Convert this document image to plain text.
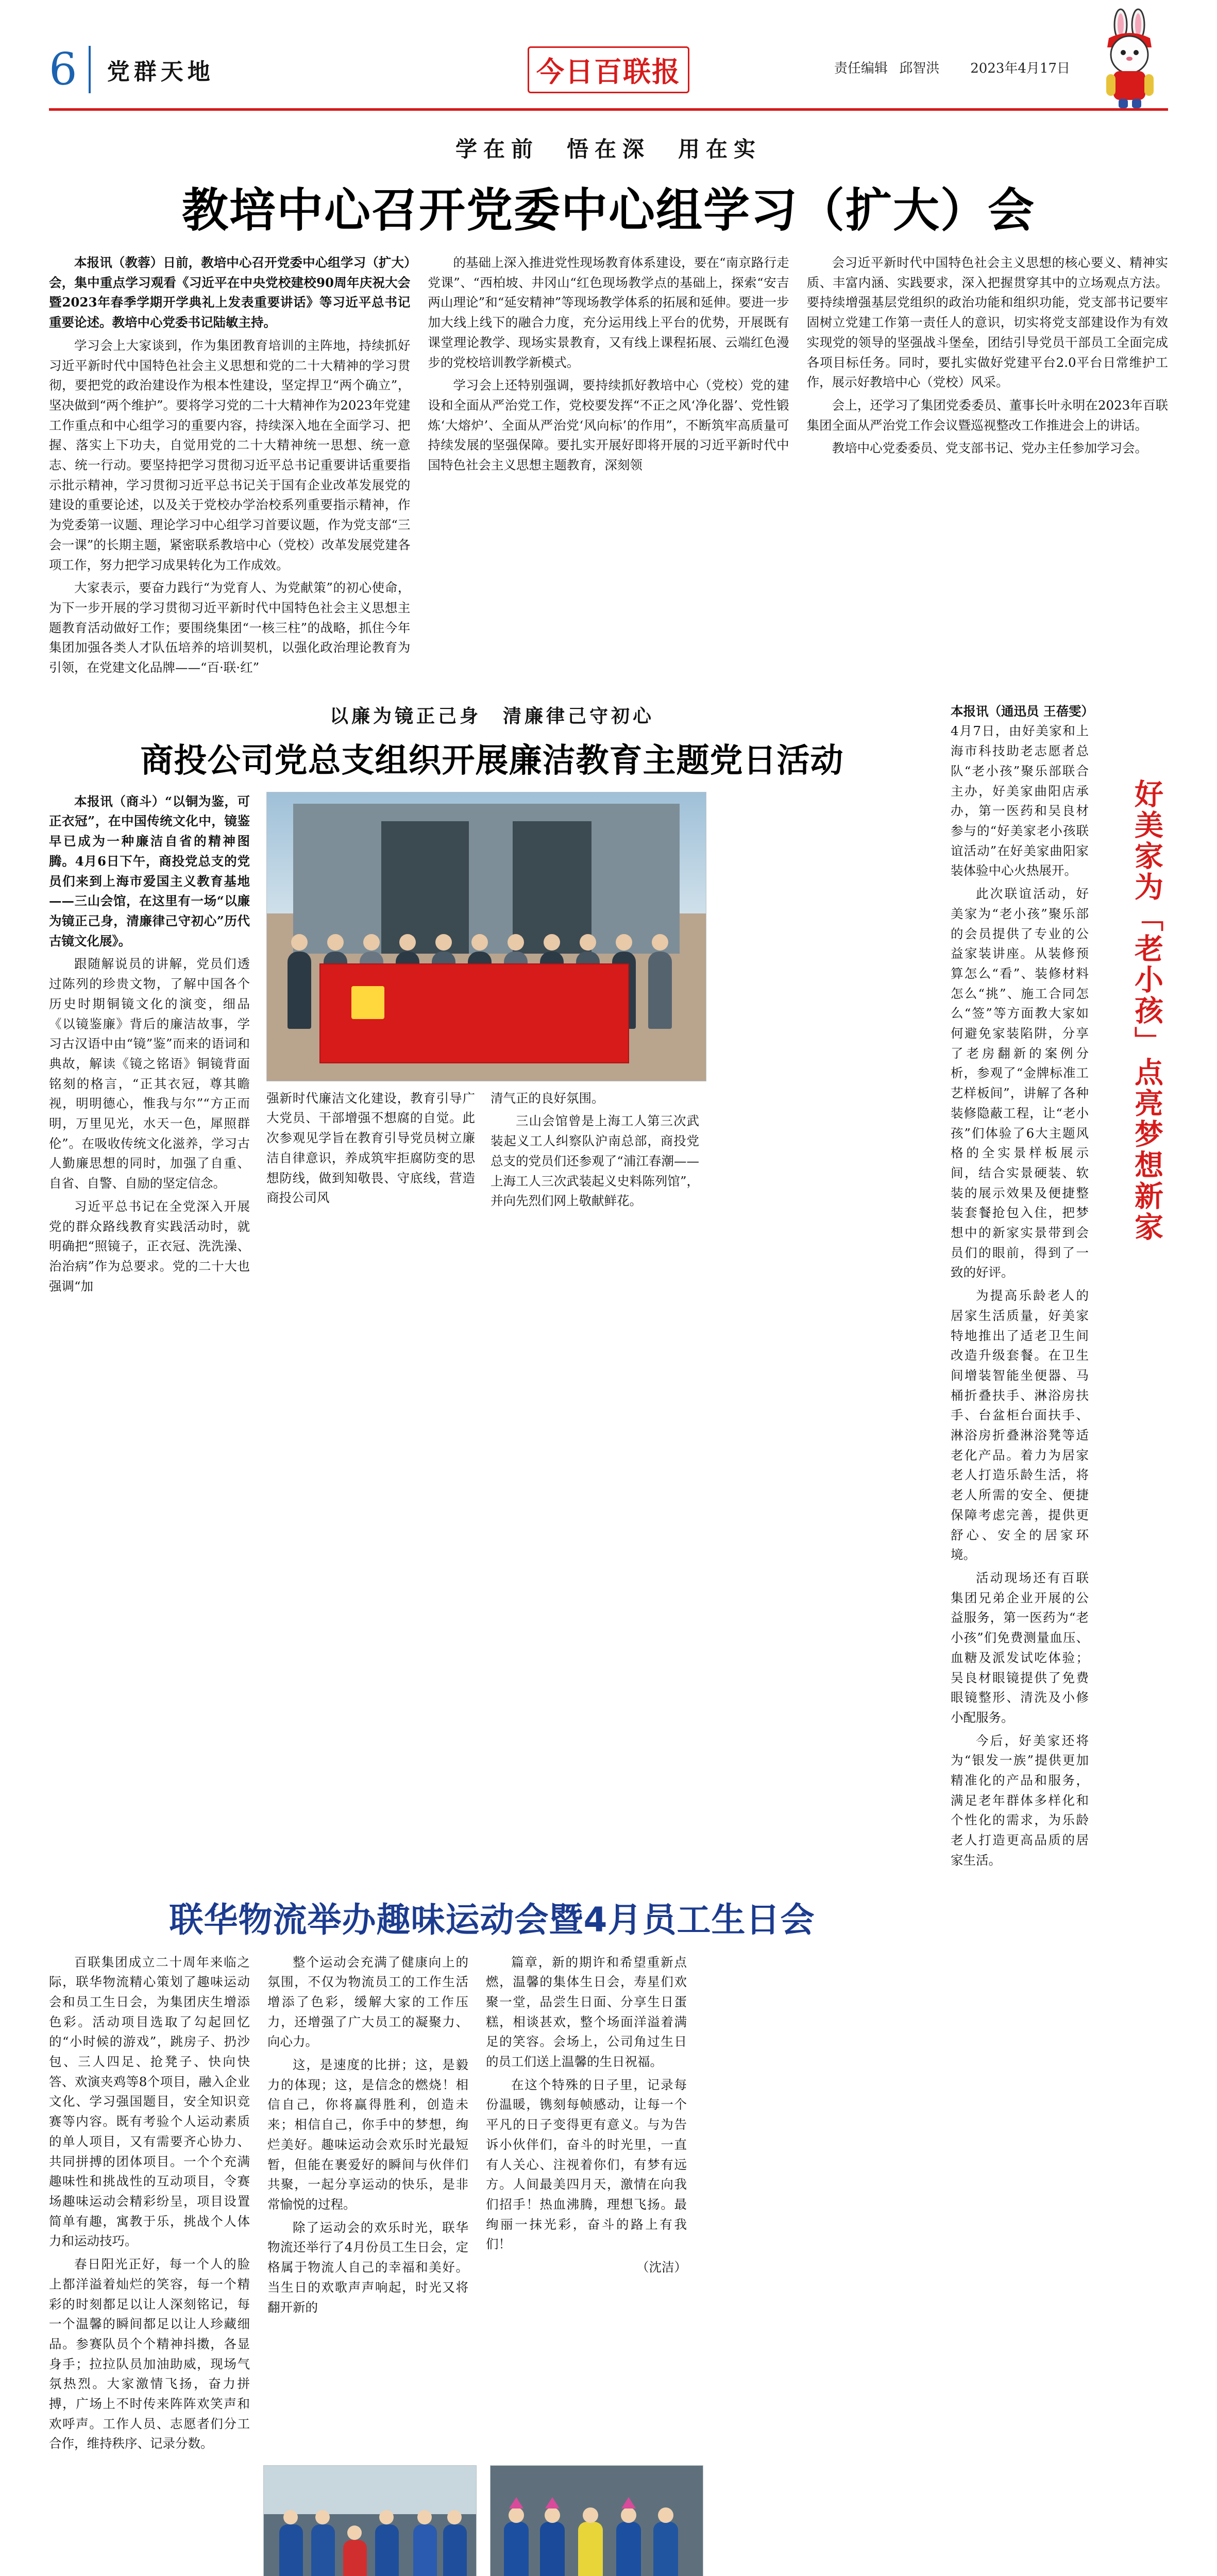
6	党群天地	今日百联报	责任编辑 邱智洪 2023年4月17日
学在前　悟在深　用在实
教培中心召开党委中心组学习（扩大）会

本报讯（教蓉）日前，教培中心召开党委中心组学习（扩大）会，集中重点学习观看《习近平在中央党校建校90周年庆祝大会暨2023年春季学期开学典礼上发表重要讲话》等习近平总书记重要论述。教培中心党委书记陆敏主持。

学习会上大家谈到，作为集团教育培训的主阵地，持续抓好习近平新时代中国特色社会主义思想和党的二十大精神的学习贯彻，要把党的政治建设作为根本性建设，坚定捍卫“两个确立”，坚决做到“两个维护”。要将学习党的二十大精神作为2023年党建工作重点和中心组学习的重要内容，持续深入地在全面学习、把握、落实上下功夫，自觉用党的二十大精神统一思想、统一意志、统一行动。要坚持把学习贯彻习近平总书记重要讲话重要指示批示精神，学习贯彻习近平总书记关于国有企业改革发展党的建设的重要论述，以及关于党校办学治校系列重要指示精神，作为党委第一议题、理论学习中心组学习首要议题，作为党支部“三会一课”的长期主题，紧密联系教培中心（党校）改革发展党建各项工作，努力把学习成果转化为工作成效。

大家表示，要奋力践行“为党育人、为党献策”的初心使命，为下一步开展的学习贯彻习近平新时代中国特色社会主义思想主题教育活动做好工作；要围绕集团“一核三柱”的战略，抓住今年集团加强各类人才队伍培养的培训契机，以强化政治理论教育为引领，在党建文化品牌——“百·联·红”

的基础上深入推进党性现场教育体系建设，要在“南京路行走党课”、“西柏坡、井冈山“红色现场教学点的基础上，探索“安吉两山理论”和“延安精神”等现场教学体系的拓展和延伸。要进一步加大线上线下的融合力度，充分运用线上平台的优势，开展既有课堂理论教学、现场实景教育，又有线上课程拓展、云端红色漫步的党校培训教学新模式。

学习会上还特别强调，要持续抓好教培中心（党校）党的建设和全面从严治党工作，党校要发挥“不正之风‘净化器’、党性锻炼‘大熔炉’、全面从严治党‘风向标’的作用”，不断筑牢高质量可持续发展的坚强保障。要扎实开展好即将开展的习近平新时代中国特色社会主义思想主题教育，深刻领

会习近平新时代中国特色社会主义思想的核心要义、精神实质、丰富内涵、实践要求，深入把握贯穿其中的立场观点方法。要持续增强基层党组织的政治功能和组织功能，党支部书记要牢固树立党建工作第一责任人的意识，切实将党支部建设作为有效实现党的领导的坚强战斗堡垒，团结引导党员干部员工全面完成各项目标任务。同时，要扎实做好党建平台2.0平台日常维护工作，展示好教培中心（党校）风采。

会上，还学习了集团党委委员、董事长叶永明在2023年百联集团全面从严治党工作会议暨巡视整改工作推进会上的讲话。

教培中心党委委员、党支部书记、党办主任参加学习会。

以廉为镜正己身　清廉律己守初心
商投公司党总支组织开展廉洁教育主题党日活动

本报讯（商斗）“以铜为鉴，可正衣冠”，在中国传统文化中，镜鉴早已成为一种廉洁自省的精神图腾。4月6日下午，商投党总支的党员们来到上海市爱国主义教育基地——三山会馆，在这里有一场“以廉为镜正己身，清廉律己守初心”历代古镜文化展》。

跟随解说员的讲解，党员们透过陈列的珍贵文物，了解中国各个历史时期铜镜文化的演变，细品《以镜鉴廉》背后的廉洁故事，学习古汉语中由“镜”鉴”而来的语词和典故，解读《镜之铭语》铜镜背面铭刻的格言，“正其衣冠，尊其瞻视，明明德心，惟我与尔”“方正而明，万里见光，水天一色，犀照群伦”。在吸收传统文化滋养，学习古人勤廉思想的同时，加强了自重、自省、自警、自励的坚定信念。

习近平总书记在全党深入开展党的群众路线教育实践活动时，就明确把“照镜子，正衣冠、洗洗澡、治治病”作为总要求。党的二十大也强调“加

强新时代廉洁文化建设，教育引导广大党员、干部增强不想腐的自觉。此次参观见学旨在教育引导党员树立廉洁自律意识，养成筑牢拒腐防变的思想防线，做到知敬畏、守底线，营造商投公司风

清气正的良好氛围。

三山会馆曾是上海工人第三次武装起义工人纠察队沪南总部，商投党总支的党员们还参观了“浦江春潮——上海工人三次武装起义史料陈列馆”，并向先烈们网上敬献鲜花。

本报讯（通迅员 王蓓雯）4月7日，由好美家和上海市科技助老志愿者总队“老小孩”聚乐部联合主办，好美家曲阳店承办，第一医药和吴良材参与的“好美家老小孩联谊活动”在好美家曲阳家装体验中心火热展开。

此次联谊活动，好美家为“老小孩”聚乐部的会员提供了专业的公益家装讲座。从装修预算怎么“看”、装修材料怎么“挑”、施工合同怎么“签”等方面教大家如何避免家装陷阱，分享了老房翻新的案例分析，参观了“金牌标准工艺样板间”，讲解了各种装修隐蔽工程，让“老小孩”们体验了6大主题风格的全实景样板展示间，结合实景硬装、软装的展示效果及便捷整装套餐抢包入住，把梦想中的新家实景带到会员们的眼前，得到了一致的好评。

为提高乐龄老人的居家生活质量，好美家特地推出了适老卫生间改造升级套餐。在卫生间增装智能坐便器、马桶折叠扶手、淋浴房扶手、台盆柜台面扶手、淋浴房折叠淋浴凳等适老化产品。着力为居家老人打造乐龄生活，将老人所需的安全、便捷保障考虑完善，提供更舒心、安全的居家环境。

活动现场还有百联集团兄弟企业开展的公益服务，第一医药为“老小孩”们免费测量血压、血糖及派发试吃体验；吴良材眼镜提供了免费眼镜整形、清洗及小修小配服务。

今后，好美家还将为“银发一族”提供更加精准化的产品和服务，满足老年群体多样化和个性化的需求，为乐龄老人打造更高品质的居家生活。

好美家为「老小孩」点亮梦想新家
联华物流举办趣味运动会暨4月员工生日会

百联集团成立二十周年来临之际，联华物流精心策划了趣味运动会和员工生日会，为集团庆生增添色彩。活动项目选取了勾起回忆的“小时候的游戏”，跳房子、扔沙包、三人四足、抢凳子、快向快答、欢演夹鸡等8个项目，融入企业文化、学习强国题目，安全知识竞赛等内容。既有考验个人运动素质的单人项目，又有需要齐心协力、共同拼搏的团体项目。一个个充满趣味性和挑战性的互动项目，令赛场趣味运动会精彩纷呈，项目设置简单有趣，寓教于乐，挑战个人体力和运动技巧。

春日阳光正好，每一个人的脸上都洋溢着灿烂的笑容，每一个精彩的时刻都足以让人深刻铭记，每一个温馨的瞬间都足以让人珍藏细品。参赛队员个个精神抖擞，各显身手；拉拉队员加油助威，现场气氛热烈。大家激情飞扬，奋力拼搏，广场上不时传来阵阵欢笑声和欢呼声。工作人员、志愿者们分工合作，维持秩序、记录分数。

整个运动会充满了健康向上的氛围，不仅为物流员工的工作生活增添了色彩，缓解大家的工作压力，还增强了广大员工的凝聚力、向心力。

这，是速度的比拼；这，是毅力的体现；这，是信念的燃烧！相信自己，你将赢得胜利，创造未来；相信自己，你手中的梦想，绚烂美好。趣味运动会欢乐时光最短暂，但能在裹爱好的瞬间与伙伴们共聚，一起分享运动的快乐，是非常愉悦的过程。

除了运动会的欢乐时光，联华物流还举行了4月份员工生日会，定格属于物流人自己的幸福和美好。当生日的欢歌声声响起，时光又将翻开新的

篇章，新的期许和希望重新点燃，温馨的集体生日会，寿星们欢聚一堂，品尝生日面、分享生日蛋糕，相谈甚欢，整个场面洋溢着满足的笑容。会场上，公司角过生日的员工们送上温馨的生日祝福。

在这个特殊的日子里，记录每份温暖，镌刻每帧感动，让每一个平凡的日子变得更有意义。与为告诉小伙伴们，奋斗的时光里，一直有人关心、注视着你们，有梦有远方。人间最美四月天，激情在向我们招手！热血沸腾，理想飞扬。最绚丽一抹光彩，奋斗的路上有我们！

（沈洁）
